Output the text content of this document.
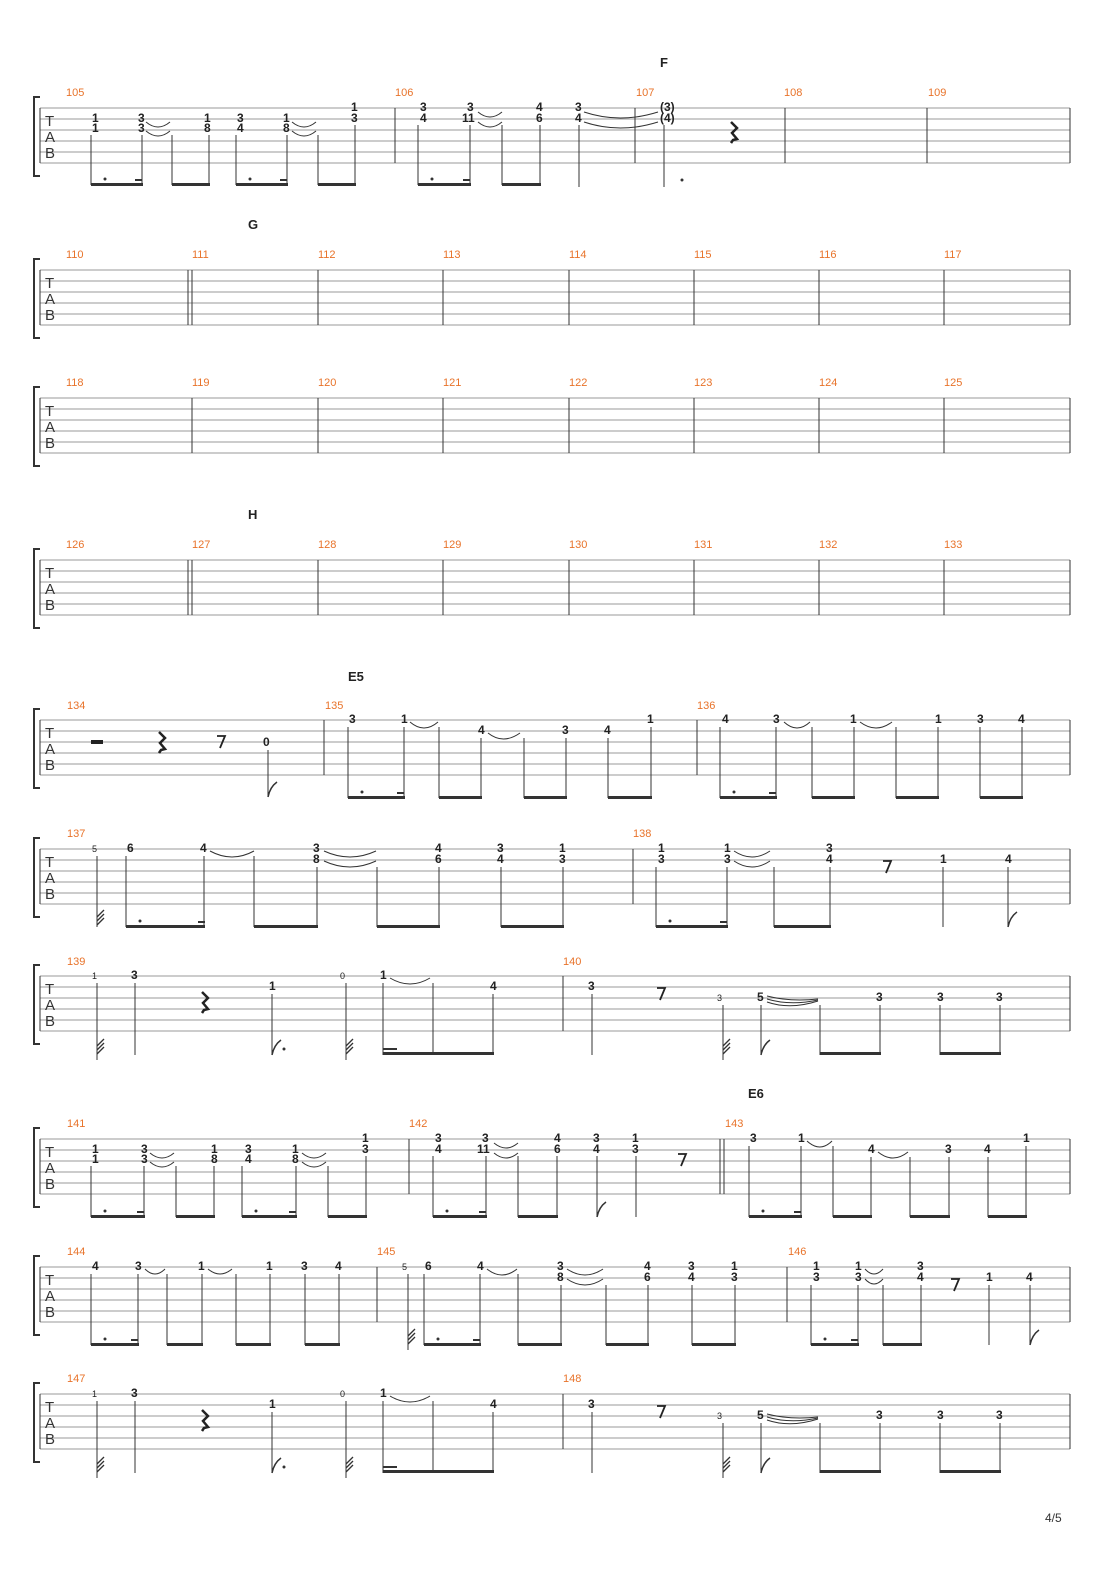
F
T
A
B
105	106	107	108	109
1
1
3
3
1
8
3
4
1
8
1
3
3
4
3
11
4
6
3
4
(3)
(4)
G
T
A
B
110	111	112	113	114	115	116	117
T
A
B
118	119	120	121	122	123	124	125
H
T
A
B
126	127	128	129	130	131	132	133
E5
T
A
B
134	135	136
0
3	1
4	3	4
1	4	3	1	1	3	4
T
A
B
137	138
5 6	4	3
8
4
6
3
4
1
3
1
3
1
3
3
4	1	4
T
A
B
139	140
1	3
1
0	1
4	3
3	5	3	3	3
E6
T
A
B
141	142	143
1
1
3
3
1
8
3
4
1
8
1
3
3
4
3
11
4
6
3
4
1
3
3	1
4	3	4
1
T
A
B
144	145	146
4	3	1	1 3 4	5 6	4	3
8
4
6
3
4
1
3
1
3
1
3
3
4	1	4
T
A
B
147	148
1	3
1
0	1
4	3
3	5	3	3	3
4/5
